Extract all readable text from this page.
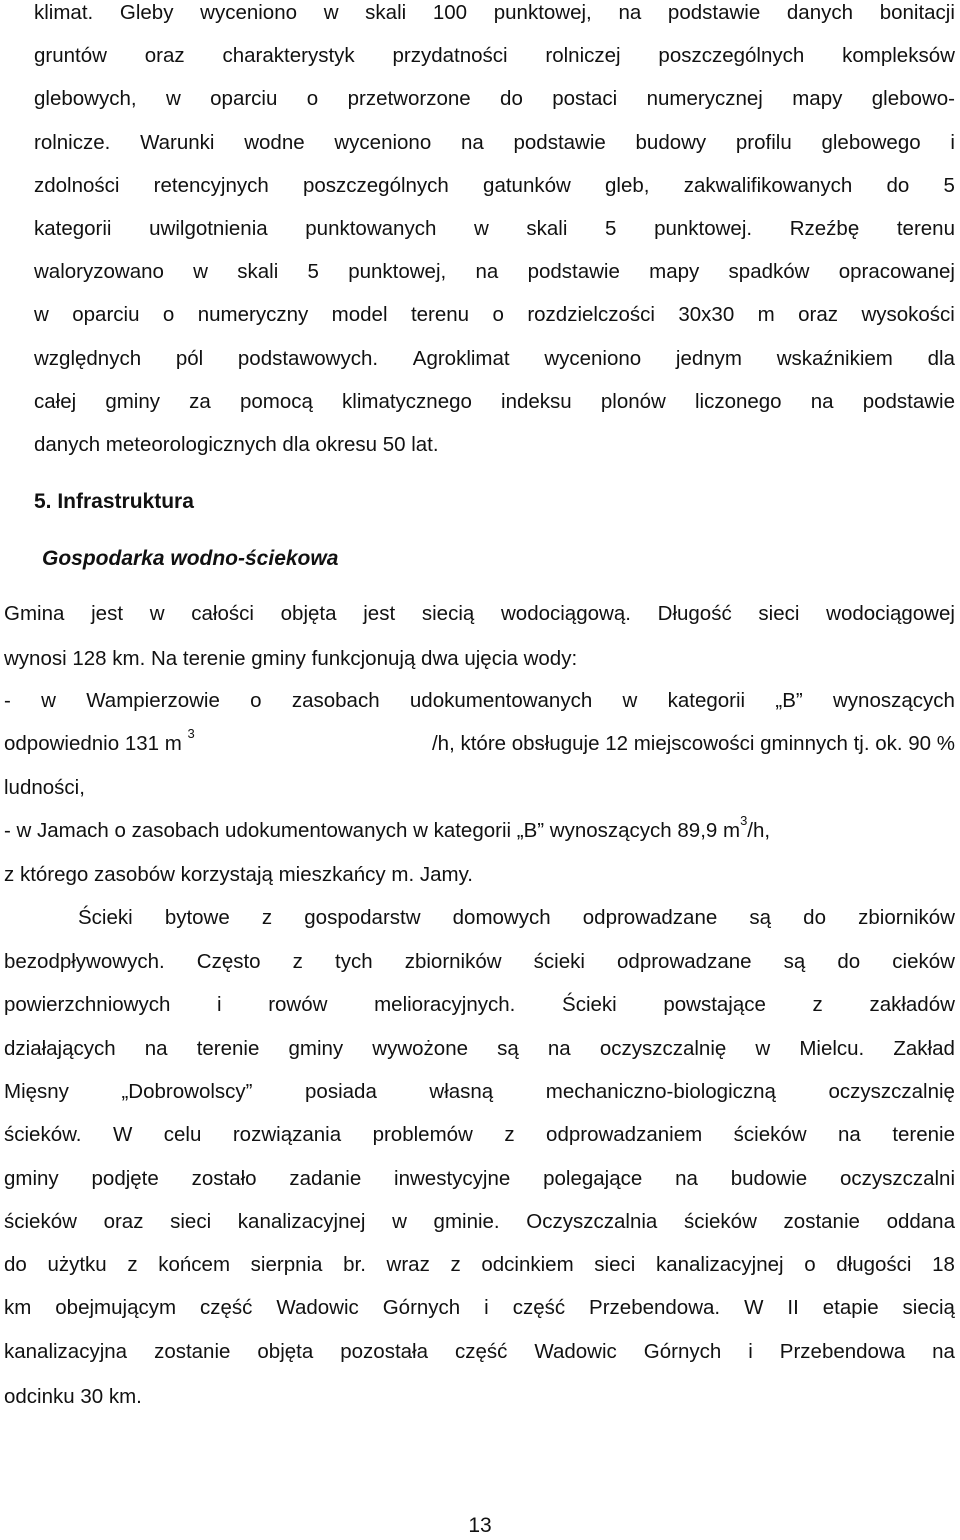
klimat. Gleby wyceniono w skali 100 punktowej, na podstawie danych bonitacji
gruntów oraz charakterystyk przydatności rolniczej poszczególnych kompleksów
glebowych, w oparciu o przetworzone do postaci numerycznej mapy glebowo-
rolnicze. Warunki wodne wyceniono na podstawie budowy profilu glebowego i
zdolności retencyjnych poszczególnych gatunków gleb, zakwalifikowanych do 5
kategorii uwilgotnienia punktowanych w skali 5 punktowej. Rzeźbę terenu
waloryzowano w skali 5 punktowej, na podstawie mapy spadków opracowanej
w oparciu o numeryczny model terenu o rozdzielczości 30x30 m oraz wysokości
względnych pól podstawowych. Agroklimat wyceniono jednym wskaźnikiem dla
całej gminy za pomocą klimatycznego indeksu plonów liczonego na podstawie
danych meteorologicznych dla okresu 50 lat.
5. Infrastruktura
Gospodarka wodno-ściekowa
Gmina jest w całości objęta jest siecią wodociągową. Długość sieci wodociągowej
wynosi 128 km. Na terenie gminy funkcjonują dwa ujęcia wody:
- w Wampierzowie o zasobach udokumentowanych w kategorii „B” wynoszących
odpowiednio 131 m $^3$	/h, które obsługuje 12 miejscowości gminnych tj. ok. 90 %
ludności,
- w Jamach o zasobach udokumentowanych w kategorii „B” wynoszących 89,9 $m^3/h$,
z którego zasobów korzystają mieszkańcy m. Jamy.
Ścieki bytowe z gospodarstw domowych odprowadzane są do zbiorników
bezodpływowych. Często z tych zbiorników ścieki odprowadzane są do cieków
powierzchniowych i rowów melioracyjnych. Ścieki powstające z zakładów
działających na terenie gminy wywożone są na oczyszczalnię w Mielcu. Zakład
Mięsny	„Dobrowolscy”	posiada	własną	mechaniczno-biologiczną	oczyszczalnię
ścieków. W celu rozwiązania problemów z odprowadzaniem ścieków na terenie
gminy podjęte zostało zadanie inwestycyjne polegające na budowie oczyszczalni
ścieków oraz sieci kanalizacyjnej w gminie. Oczyszczalnia ścieków zostanie oddana
do użytku z końcem sierpnia br. wraz z odcinkiem sieci kanalizacyjnej o długości 18
km obejmującym część Wadowic Górnych i część Przebendowa. W II etapie siecią
kanalizacyjna zostanie objęta pozostała część Wadowic Górnych i Przebendowa na
odcinku 30 km.
13
